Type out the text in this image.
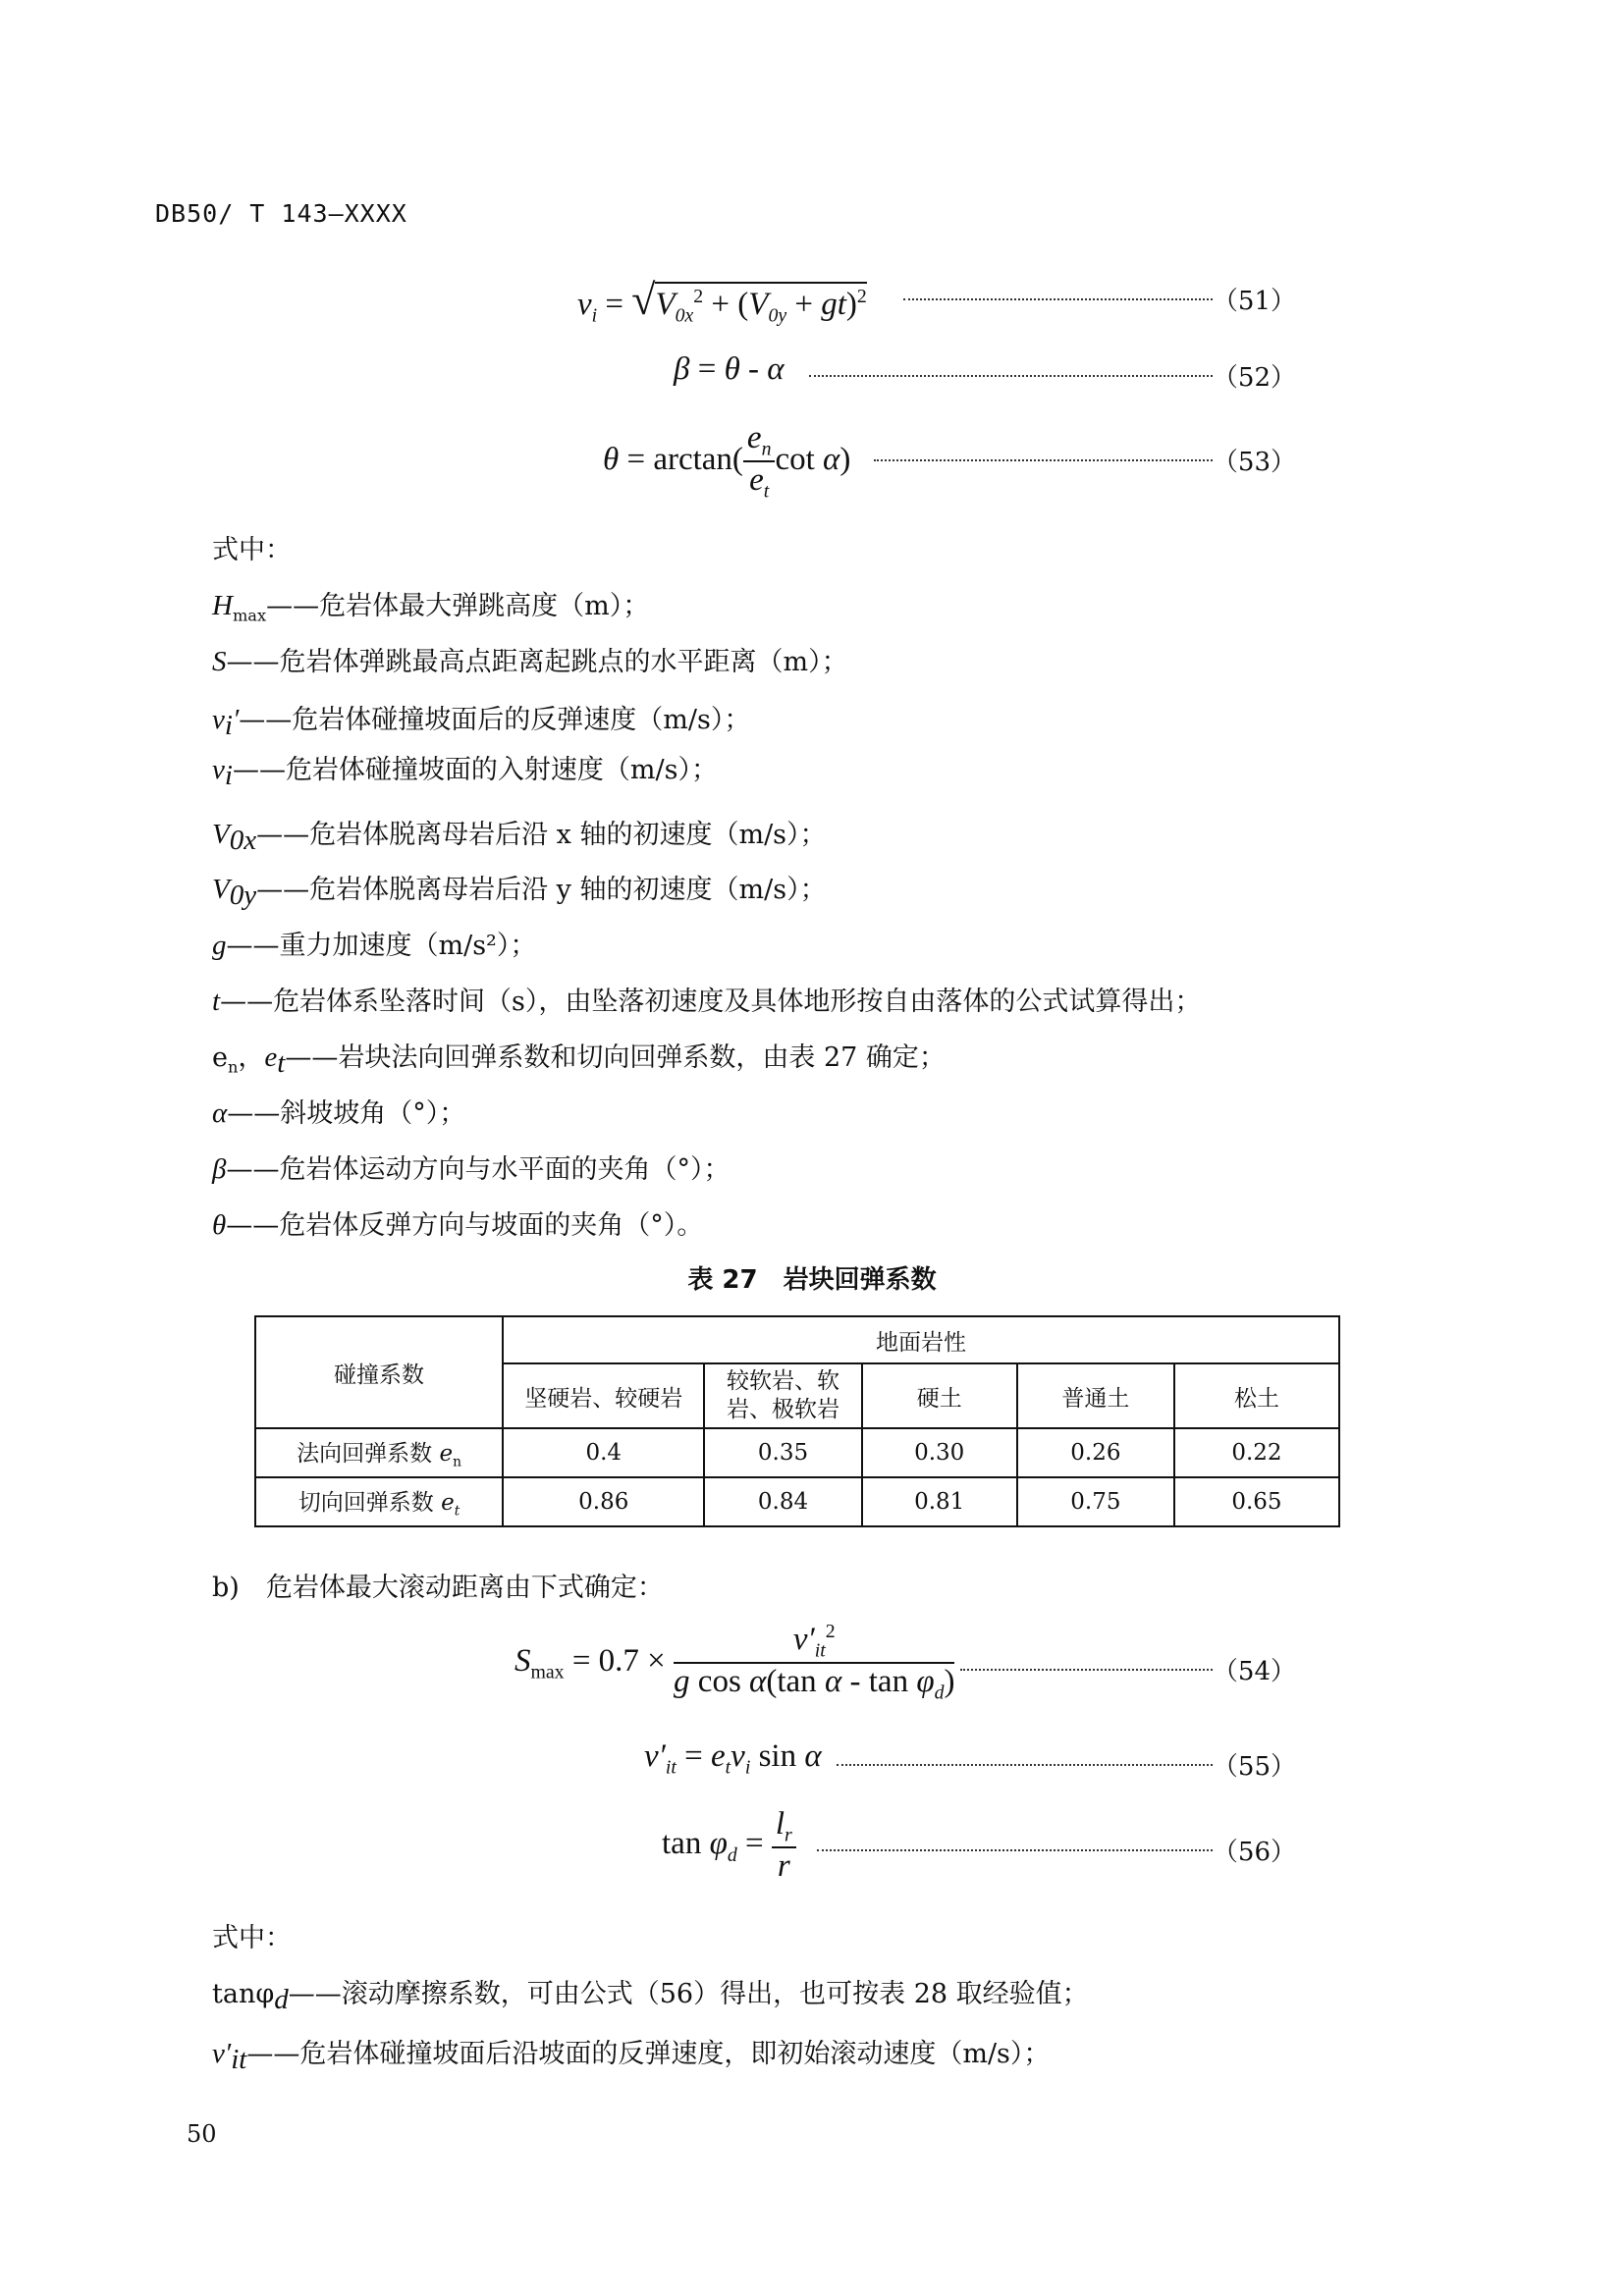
DB50/ T 143—XXXX
$v_i = √V_{0x}^2 + (V_{0y} + gt)^2$	（51）
β = θ - α	（52）
$\theta = \arctan( \frac{e_n}{e_t}$ cot α)	（53）
式中：
$H_{max}——$危岩体最大弹跳高度（m）；
S——危岩体弹跳最高点距离起跳点的水平距离（m）；
$v_i'——$危岩体碰撞坡面后的反弹速度（m/s）；
$v_i——$危岩体碰撞坡面的入射速度（m/s）；
$V_{0x}——$危岩体脱离母岩后沿 x 轴的初速度（m/s）；
$V_{0y}——$危岩体脱离母岩后沿 y 轴的初速度（m/s）；
g——重力加速度（m/s²）；
t——危岩体系坠落时间（s），由坠落初速度及具体地形按自由落体的公式试算得出；
$e_n$，$e_t——$岩块法向回弹系数和切向回弹系数，由表 27 确定；
α——斜坡坡角（°）；
β——危岩体运动方向与水平面的夹角（°）；
θ——危岩体反弹方向与坡面的夹角（°）。
表 27　岩块回弹系数
碰撞系数	地面岩性				
	坚硬岩、较硬岩	较软岩、软岩、极软岩	硬土	普通土	松土
法向回弹系数 $e_n$	0.4	0.35	0.30	0.26	0.22
切向回弹系数 $e_t$	0.86	0.84	0.81	0.75	0.65
b)　危岩体最大滚动距离由下式确定：
$S_{max} = 0.7 \times \frac{v'_{it}^2}{g \cos \alpha(\tan \alpha - \tan \varphi_d)}$	（54）
$v'_{it} = e_tv_i$ sin α	（55）
$\tan \varphi_d = \frac{l_r}{r}$	（56）
式中：
tanφ$_d$——滚动摩擦系数，可由公式（56）得出，也可按表 28 取经验值；
$v'_{it}——$危岩体碰撞坡面后沿坡面的反弹速度，即初始滚动速度（m/s）；
50
